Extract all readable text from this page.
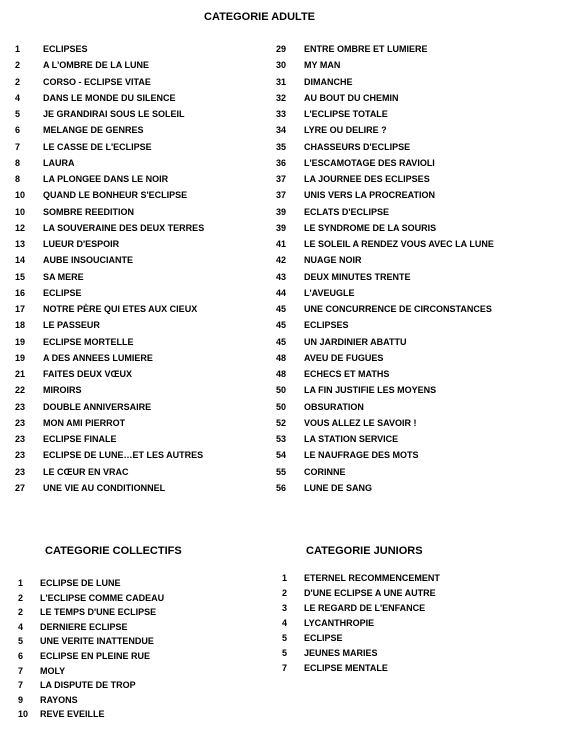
CATEGORIE ADULTE
1	ECLIPSES
2	A L'OMBRE DE LA LUNE
2	CORSO - ECLIPSE VITAE
4	DANS LE MONDE DU SILENCE
5	JE GRANDIRAI SOUS LE SOLEIL
6	MELANGE DE GENRES
7	LE CASSE DE L'ECLIPSE
8	LAURA
8	LA PLONGEE DANS LE NOIR
10 QUAND LE BONHEUR S'ECLIPSE
10 SOMBRE REEDITION
12 LA SOUVERAINE DES DEUX TERRES
13 LUEUR D'ESPOIR
14 AUBE INSOUCIANTE
15 SA MERE
16 ECLIPSE
17 NOTRE PÈRE QUI ETES AUX CIEUX
18 LE PASSEUR
19 ECLIPSE MORTELLE
19 A DES ANNEES LUMIERE
21 FAITES DEUX VŒUX
22 MIROIRS
23 DOUBLE ANNIVERSAIRE
23 MON AMI PIERROT
23 ECLIPSE FINALE
23 ECLIPSE DE LUNE…ET LES AUTRES
23 LE CŒUR EN VRAC
27 UNE VIE AU CONDITIONNEL
29 ENTRE OMBRE ET LUMIERE
30 MY MAN
31 DIMANCHE
32 AU BOUT DU CHEMIN
33 L'ECLIPSE TOTALE
34 LYRE OU DELIRE ?
35 CHASSEURS D'ECLIPSE
36 L'ESCAMOTAGE DES RAVIOLI
37 LA JOURNEE DES ECLIPSES
37 UNIS VERS LA PROCREATION
39 ECLATS D'ECLIPSE
39 LE SYNDROME DE LA SOURIS
41 LE SOLEIL A RENDEZ VOUS AVEC LA LUNE
42 NUAGE NOIR
43 DEUX MINUTES TRENTE
44 L'AVEUGLE
45 UNE CONCURRENCE DE CIRCONSTANCES
45 ECLIPSES
45 UN JARDINIER ABATTU
48 AVEU DE FUGUES
48 ECHECS ET MATHS
50 LA FIN JUSTIFIE LES MOYENS
50 OBSURATION
52 VOUS ALLEZ LE SAVOIR !
53 LA STATION SERVICE
54 LE NAUFRAGE DES MOTS
55 CORINNE
56 LUNE DE SANG
CATEGORIE COLLECTIFS
1 ECLIPSE DE LUNE
2 L'ECLIPSE COMME CADEAU
2 LE TEMPS D'UNE ECLIPSE
4 DERNIERE ECLIPSE
5 UNE VERITE INATTENDUE
6 ECLIPSE EN PLEINE RUE
7 MOLY
7 LA DISPUTE DE TROP
9 RAYONS
10 REVE EVEILLE
CATEGORIE JUNIORS
1 ETERNEL RECOMMENCEMENT
2 D'UNE ECLIPSE A UNE AUTRE
3 LE REGARD DE L'ENFANCE
4 LYCANTHROPIE
5 ECLIPSE
5 JEUNES MARIES
7 ECLIPSE MENTALE
